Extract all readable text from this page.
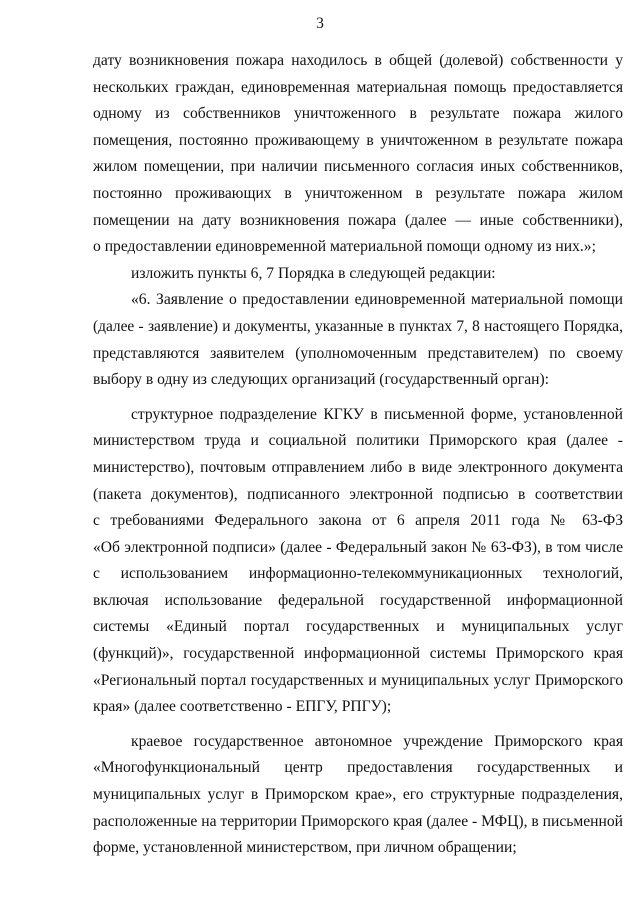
3
дату возникновения пожара находилось в общей (долевой) собственности у
нескольких граждан, единовременная материальная помощь предоставляется
одному из собственников уничтоженного в результате пожара жилого
помещения, постоянно проживающему в уничтоженном в результате пожара
жилом помещении, при наличии письменного согласия иных собственников,
постоянно проживающих в уничтоженном в результате пожара жилом
помещении на дату возникновения пожара (далее — иные собственники),
о предоставлении единовременной материальной помощи одному из них.»;
изложить пункты 6, 7 Порядка в следующей редакции:
«6. Заявление о предоставлении единовременной материальной помощи
(далее - заявление) и документы, указанные в пунктах 7, 8 настоящего Порядка,
представляются заявителем (уполномоченным представителем) по своему
выбору в одну из следующих организаций (государственный орган):
структурное подразделение КГКУ в письменной форме, установленной
министерством труда и социальной политики Приморского края (далее -
министерство), почтовым отправлением либо в виде электронного документа
(пакета документов), подписанного электронной подписью в соответствии
с требованиями Федерального закона от 6 апреля 2011 года № 63-ФЗ
«Об электронной подписи» (далее - Федеральный закон № 63-ФЗ), в том числе
с использованием информационно-телекоммуникационных технологий,
включая использование федеральной государственной информационной
системы «Единый портал государственных и муниципальных услуг
(функций)», государственной информационной системы Приморского края
«Региональный портал государственных и муниципальных услуг Приморского
края» (далее соответственно - ЕПГУ, РПГУ);
краевое государственное автономное учреждение Приморского края
«Многофункциональный центр предоставления государственных и
муниципальных услуг в Приморском крае», его структурные подразделения,
расположенные на территории Приморского края (далее - МФЦ), в письменной
форме, установленной министерством, при личном обращении;
